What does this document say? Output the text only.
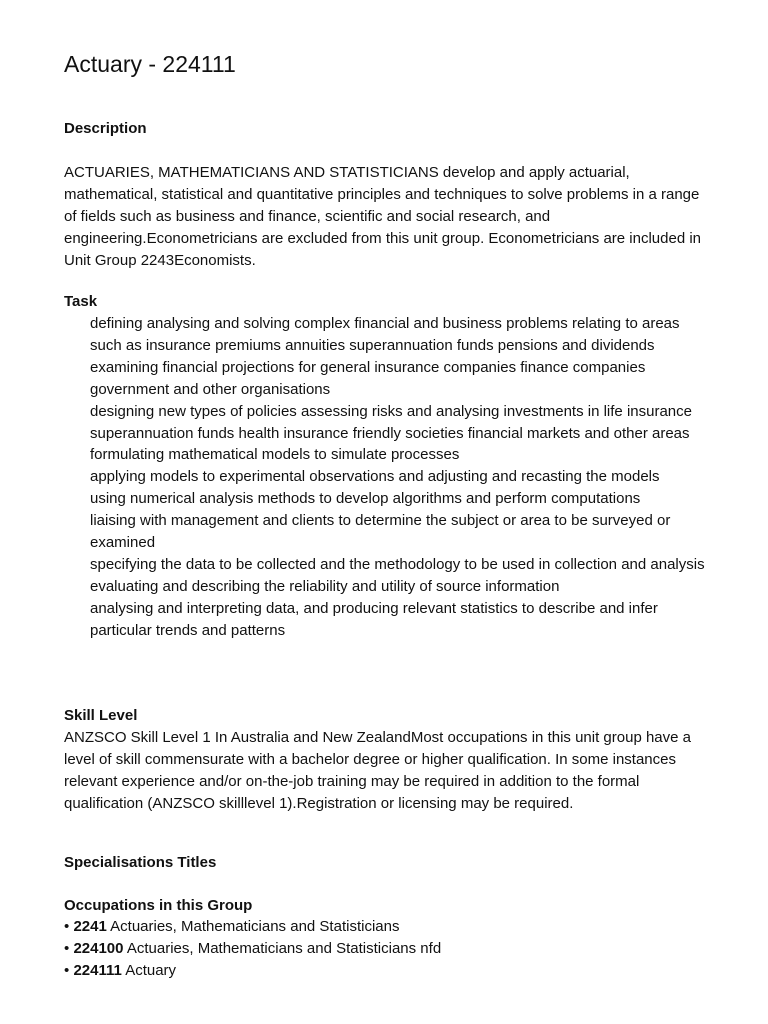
Actuary - 224111
Description

ACTUARIES, MATHEMATICIANS AND STATISTICIANS develop and apply actuarial, mathematical, statistical and quantitative principles and techniques to solve problems in a range of fields such as business and finance, scientific and social research, and engineering.Econometricians are excluded from this unit group. Econometricians are included in Unit Group 2243Economists.

Task
defining analysing and solving complex financial and business problems relating to areas such as insurance premiums annuities superannuation funds pensions and dividends
examining financial projections for general insurance companies finance companies government and other organisations
designing new types of policies assessing risks and analysing investments in life insurance superannuation funds health insurance friendly societies financial markets and other areas
formulating mathematical models to simulate processes
applying models to experimental observations and adjusting and recasting the models
using numerical analysis methods to develop algorithms and perform computations
liaising with management and clients to determine the subject or area to be surveyed or examined
specifying the data to be collected and the methodology to be used in collection and analysis
evaluating and describing the reliability and utility of source information
analysing and interpreting data, and producing relevant statistics to describe and infer particular trends and patterns
Skill Level

ANZSCO Skill Level 1 In Australia and New ZealandMost occupations in this unit group have a level of skill commensurate with a bachelor degree or higher qualification. In some instances relevant experience and/or on-the-job training may be required in addition to the formal qualification (ANZSCO skilllevel 1).Registration or licensing may be required.

Specialisations Titles
Occupations in this Group
• 2241 Actuaries, Mathematicians and Statisticians
• 224100 Actuaries, Mathematicians and Statisticians nfd
• 224111 Actuary
